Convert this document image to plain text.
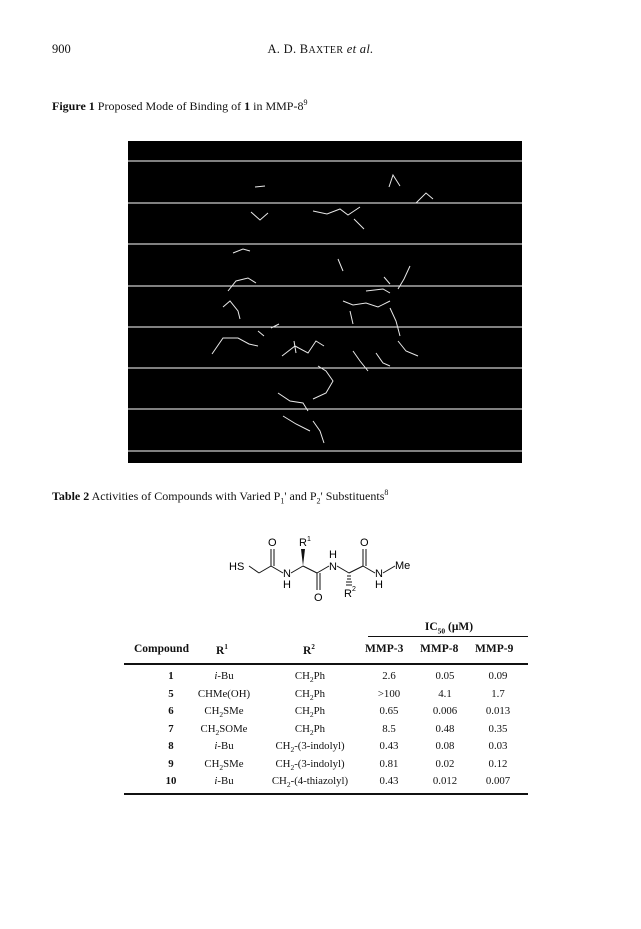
900	A. D. BAXTER et al.
Figure 1 Proposed Mode of Binding of 1 in MMP-$8^9$
Table 2 Activities of Compounds with Varied $P_1'$ and $P_2'$ Substituents$^8$
HS
O R 1
N
H
O
N
H
R 2
O
N
H
Me
$IC_{50}$ (μM)
Compound $R^1$	$R^2$	MMP-3 MMP-8 MMP-9
1	i-Bu	$CH_2Ph$	2.6	0.05	0.09
5	CHMe(OH)	$CH_2Ph$	>100	4.1	1.7
6	$CH_2SMe$	$CH_2Ph$	0.65	0.006	0.013
7	$CH_2SOMe$	$CH_2Ph$	8.5	0.48	0.35
8	i-Bu	$CH_2-(3-indolyl)$	0.43	0.08	0.03
9	$CH_2SMe$	$CH_2-(3-indolyl)$	0.81	0.02	0.12
10	i-Bu	$CH_2-(4-thiazolyl)$	0.43	0.012	0.007
